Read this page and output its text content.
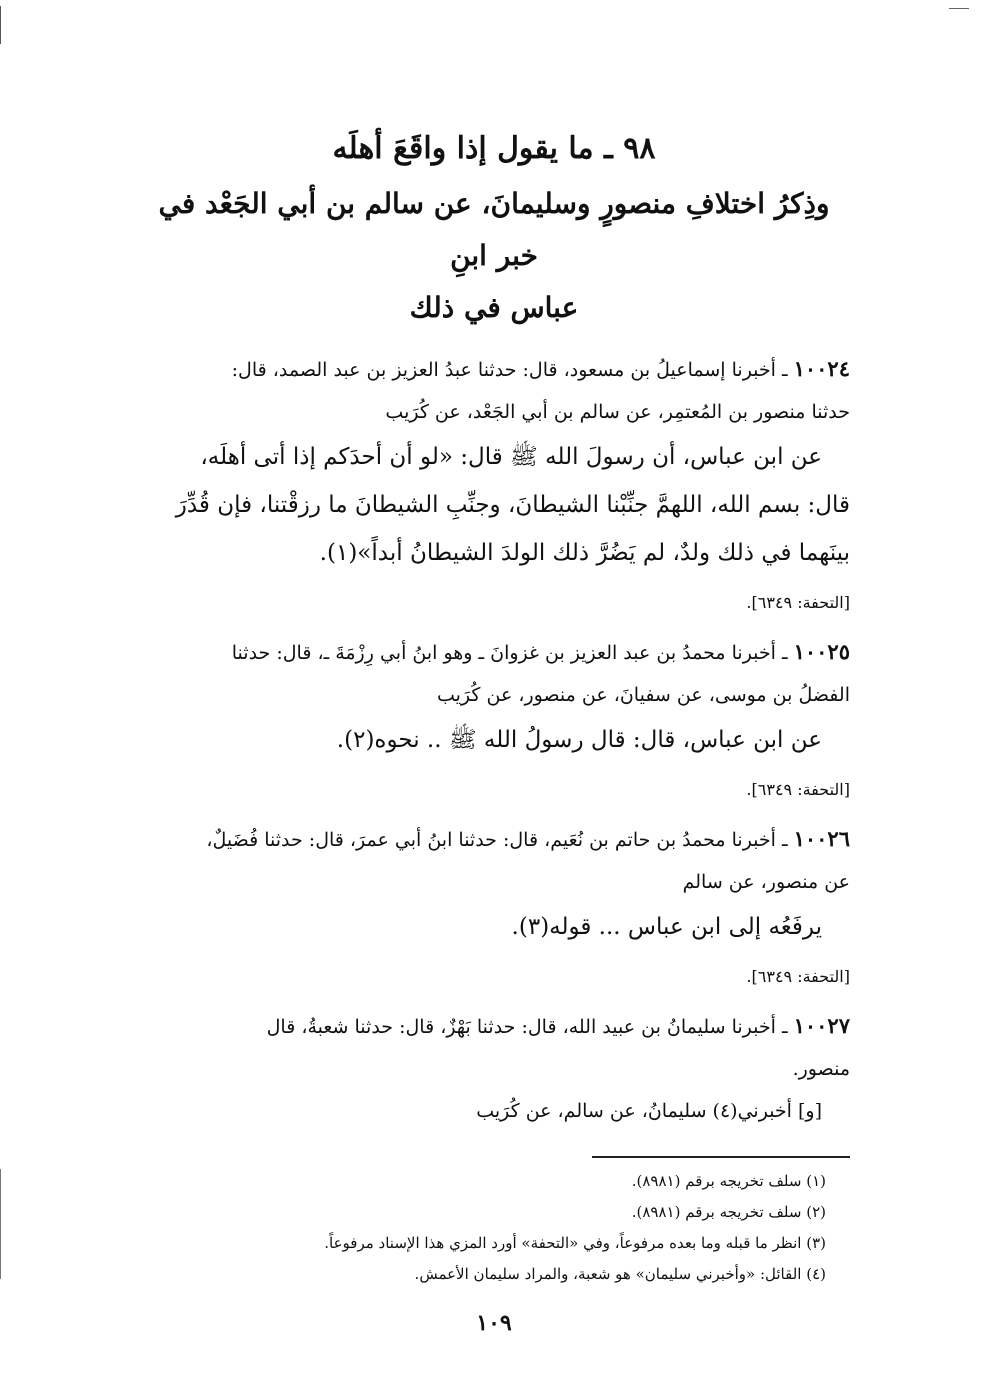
٩٨ ـ ما يقول إذا واقَعَ أهلَه
وذِكرُ اختلافِ منصورٍ وسليمانَ، عن سالم بن أبي الجَعْد في خبر ابنِ
عباس في ذلك

١٠٠٢٤ ـ أخبرنا إسماعيلُ بن مسعود، قال: حدثنا عبدُ العزيز بن عبد الصمد، قال:
حدثنا منصور بن المُعتمِر، عن سالم بن أبي الجَعْد، عن كُرَيب

عن ابن عباس، أن رسولَ الله ﷺ قال: «لو أن أحدَكم إذا أتى أهلَه،

قال: بسم الله، اللهمَّ جنِّبْنا الشيطانَ، وجنِّبِ الشيطانَ ما رزقْتنا، فإن قُدِّرَ

بينَهما في ذلك ولدٌ، لم يَضُرَّ ذلك الولدَ الشيطانُ أبداً»(١).

[التحفة: ٦٣٤٩].

١٠٠٢٥ ـ أخبرنا محمدُ بن عبد العزيز بن غزوانَ ـ وهو ابنُ أبي رِزْمَةَ ـ، قال: حدثنا
الفضلُ بن موسى، عن سفيانَ، عن منصور، عن كُرَيب

عن ابن عباس، قال: قال رسولُ الله ﷺ .. نحوه(٢).

[التحفة: ٦٣٤٩].

١٠٠٢٦ ـ أخبرنا محمدُ بن حاتم بن نُعَيم، قال: حدثنا ابنُ أبي عمرَ، قال: حدثنا فُضَيلٌ،
عن منصور، عن سالم

يرفَعُه إلى ابن عباس ... قوله(٣).

[التحفة: ٦٣٤٩].

١٠٠٢٧ ـ أخبرنا سليمانُ بن عبيد الله، قال: حدثنا بَهْزٌ، قال: حدثنا شعبةُ، قال
منصور.

[و] أخبرني(٤) سليمانُ، عن سالم، عن كُرَيب

(١) سلف تخريجه برقم (٨٩٨١).

(٢) سلف تخريجه برقم (٨٩٨١).

(٣) انظر ما قبله وما بعده مرفوعاً، وفي «التحفة» أورد المزي هذا الإسناد مرفوعاً.

(٤) القائل: «وأخبرني سليمان» هو شعبة، والمراد سليمان الأعمش.

١٠٩
